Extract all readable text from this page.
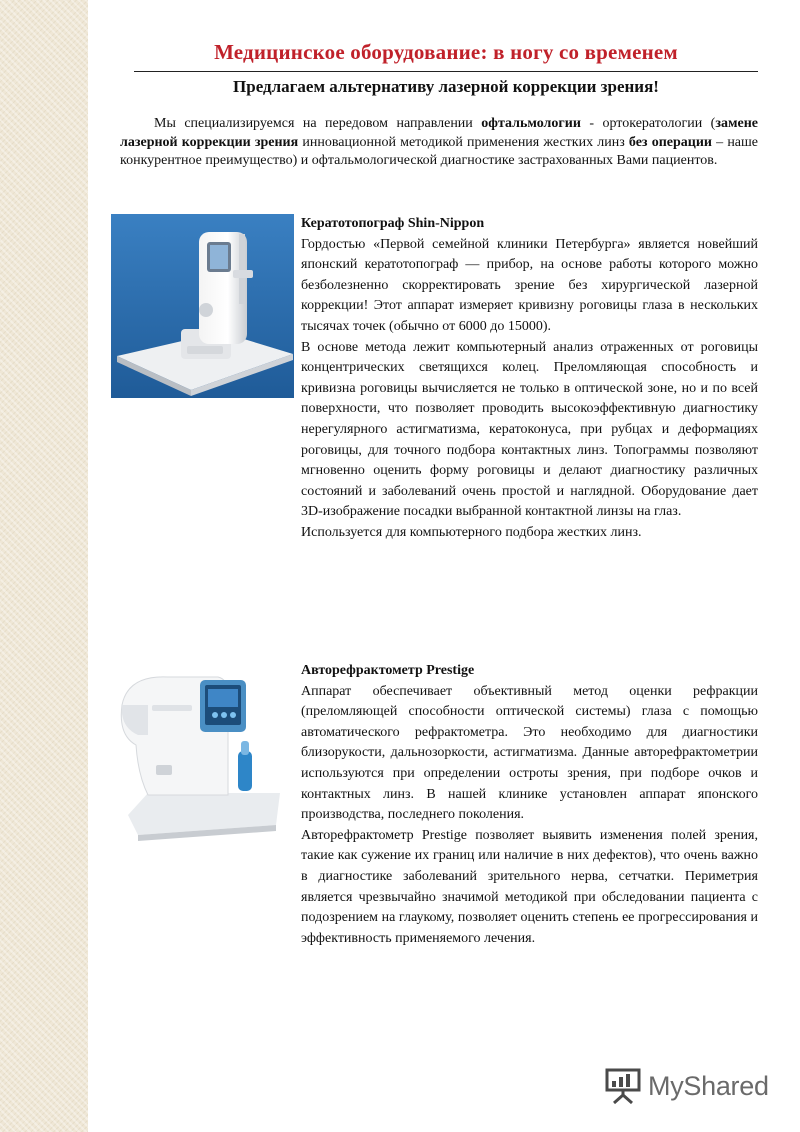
Медицинское оборудование: в ногу со временем
Предлагаем альтернативу лазерной коррекции зрения!

Мы специализируемся на передовом направлении офтальмологии - ортокератологии (замене лазерной коррекции зрения инновационной методикой применения жестких линз без операции – наше конкурентное преимущество) и офтальмологической диагностике застрахованных Вами пациентов.

Кератотопограф Shin-Nippon

Гордостью «Первой семейной клиники Петербурга» является новейший японский кератотопограф — прибор, на основе работы которого можно безболезненно скорректировать зрение без хирургической лазерной коррекции! Этот аппарат измеряет кривизну роговицы глаза в нескольких тысячах точек (обычно от 6000 до 15000).

В основе метода лежит компьютерный анализ отраженных от роговицы концентрических светящихся колец. Преломляющая способность и кривизна роговицы вычисляется не только в оптической зоне, но и по всей поверхности, что позволяет проводить высокоэффективную диагностику нерегулярного астигматизма, кератоконуса, при рубцах и деформациях роговицы, для точного подбора контактных линз. Топограммы позволяют мгновенно оценить форму роговицы и делают диагностику различных состояний и заболеваний очень простой и наглядной. Оборудование дает 3D-изображение посадки выбранной контактной линзы на глаз.

Используется для компьютерного подбора жестких линз.

Авторефрактометр Prestige

Аппарат обеспечивает объективный метод оценки рефракции (преломляющей способности оптической системы) глаза с помощью автоматического рефрактометра. Это необходимо для диагностики близорукости, дальнозоркости, астигматизма. Данные авторефрактометрии используются при определении остроты зрения, при подборе очков и контактных линз. В нашей клинике установлен аппарат японского производства, последнего поколения.

Авторефрактометр Prestige позволяет выявить изменения полей зрения, такие как сужение их границ или наличие в них дефектов), что очень важно в диагностике заболеваний зрительного нерва, сетчатки. Периметрия является чрезвычайно значимой методикой при обследовании пациента с подозрением на глаукому, позволяет оценить степень ее прогрессирования и эффективность применяемого лечения.

MyShared
